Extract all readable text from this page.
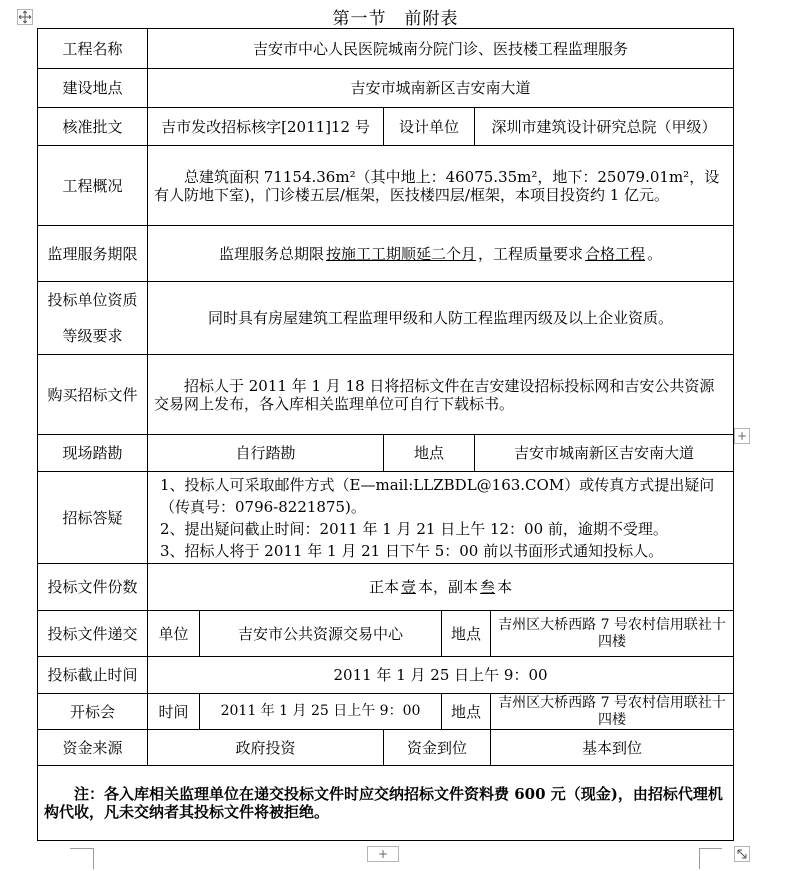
第一节　前附表
工程名称	吉安市中心人民医院城南分院门诊、医技楼工程监理服务					
建设地点	吉安市城南新区吉安南大道					
核准批文	吉市发改招标核字[2011]12 号		设计单位		深圳市建筑设计研究总院（甲级）	
工程概况	总建筑面积 71154.36m²（其中地上：46075.35m²，地下：25079.01m²，设有人防地下室)，门诊楼五层/框架，医技楼四层/框架，本项目投资约 1 亿元。					
监理服务期限	监理服务总期限 按施工工期顺延二个月 ，工程质量要求 合格工程 。					

投标单位资质
等级要求	同时具有房屋建筑工程监理甲级和人防工程监理丙级及以上企业资质。					
购买招标文件	招标人于 2011 年 1 月 18 日将招标文件在吉安建设招标投标网和吉安公共资源交易网上发布，各入库相关监理单位可自行下载标书。					
现场踏勘	自行踏勘		地点		吉安市城南新区吉安南大道	
招标答疑	1、投标人可采取邮件方式（E—mail:LLZBDL@163.COM）或传真方式提出疑问（传真号：0796-8221875)。
2、提出疑问截止时间：2011 年 1 月 21 日上午 12：00 前，逾期不受理。
3、招标人将于 2011 年 1 月 21 日下午 5：00 前以书面形式通知投标人。					

投标文件份数	正本 壹 本，副本 叁 本					
投标文件递交	单位	吉安市公共资源交易中心		地点		吉州区大桥西路 7 号农村信用联社十四楼
投标截止时间	2011 年 1 月 25 日上午 9：00					
开标会	时间	2011 年 1 月 25 日上午 9：00		地点		吉州区大桥西路 7 号农村信用联社十四楼
资金来源	政府投资		资金到位			基本到位
注：各入库相关监理单位在递交投标文件时应交纳招标文件资料费 600 元（现金)，由招标代理机构代收，凡未交纳者其投标文件将被拒绝。						
+
+
